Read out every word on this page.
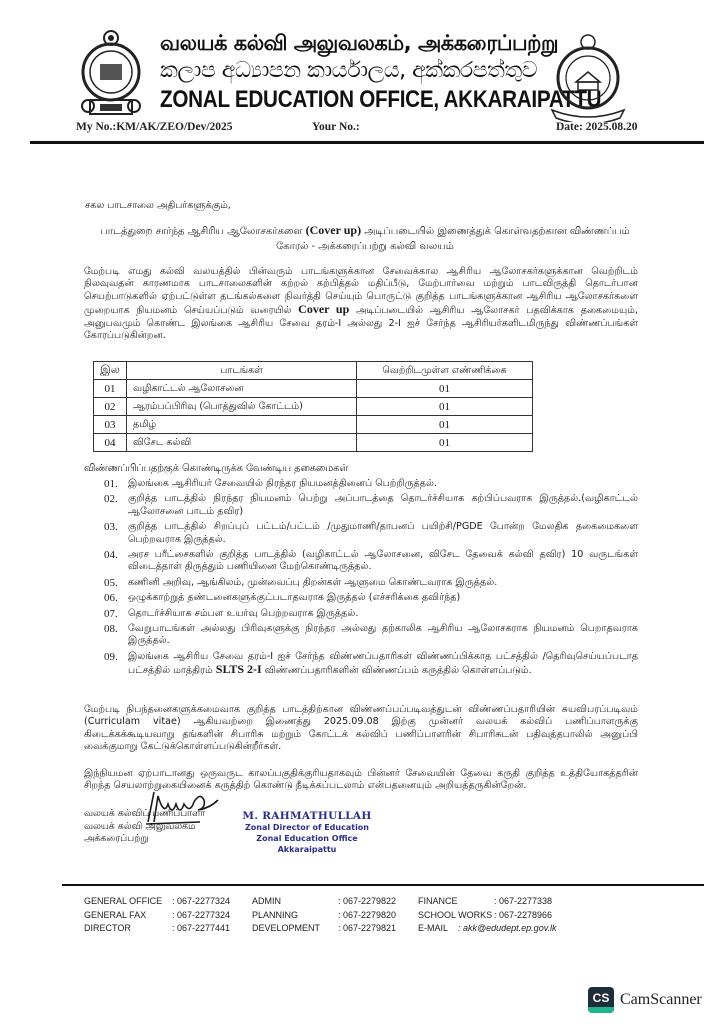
வலயக் கல்வி அலுவலகம், அக்கரைப்பற்று
කලාප අධ්‍යාපන කාර්යාලය, අක්කරපත්තුව
ZONAL EDUCATION OFFICE, AKKARAIPATTU
My No.:KM/AK/ZEO/Dev/2025	Your No.:	Date: 2025.08.20
சகல பாடசாலை அதிபர்களுக்கும்,
பாடத்துறை சார்ந்த ஆசிரிய ஆலோசகர்களை (Cover up) அடிப்படையில் இணைத்துக் கொள்வதற்கான விண்ணப்பம் கோரல் - அக்கரைப்பற்று கல்வி வலயம்
மேற்படி எமது கல்வி வலயத்தில் பின்வரும் பாடங்களுக்கான சேவைக்கால ஆசிரிய ஆலோசகர்களுக்கான வெற்றிடம் நிலவுவதன் காரணமாக பாடசாலைகளின் கற்றல் கற்பித்தல் மதிப்பீடு, மேற்பார்வை மற்றும் பாடவிருத்தி தொடர்பான செயற்பாடுகளில் ஏற்பட்டுள்ள தடங்கல்களை நிவர்த்தி செய்யும் பொருட்டு குறித்த பாடங்களுக்கான ஆசிரிய ஆலோசகர்களை முறையாக நியமனம் செய்யப்படும் வரையில் Cover up அடிப்படையில் ஆசிரிய ஆலோசகர் பதவிக்காக தகைமையும், அனுபவமும் கொண்ட இலங்கை ஆசிரிய சேவை தரம்-I அல்லது 2-I ஐச் சேர்ந்த ஆசிரியர்களிடமிருந்து விண்ணப்பங்கள் கோரப்படுகின்றன.
இல	பாடங்கள்	வெற்றிடமுள்ள எண்ணிக்கை
01	வழிகாட்டல் ஆலோசனை	01
02	ஆரம்பப்பிரிவு (பொத்துவில் கோட்டம்)	01
03	தமிழ்	01
04	விசேட கல்வி	01
விண்ணப்பிப்பதற்குக் கொண்டிருக்க வேண்டிய தகைமைகள்
01. இலங்கை ஆசிரியர் சேவையில் நிரந்தர நியமனத்தினைப் பெற்றிருத்தல்.
02. குறித்த பாடத்தில் நிரந்தர நியமனம் பெற்று அப்பாடத்தை தொடர்ச்சியாக கற்பிப்பவராக இருத்தல்.(வழிகாட்டல் ஆலோசனை பாடம் தவிர)
03. குறித்த பாடத்தில் சிறப்புப் பட்டம்/பட்டம் /முதுமாணி/தாபனப் பயிற்சி/PGDE போன்ற மேலதிக தகைமைகளை பெற்றவராக இருத்தல்.
04. அரச பரீட்சைகளில் குறித்த பாடத்தில் (வழிகாட்டல் ஆலோசனை, விசேட தேவைக் கல்வி தவிர) 10 வருடங்கள் விடைத்தாள் திருத்தும் பணியினை மேற்கொண்டிருத்தல்.
05. கணினி அறிவு, ஆங்கிலம், முன்வைப்பு திறன்கள் ஆளுமை கொண்டவராக இருத்தல்.
06. ஒழுக்காற்றுத் தண்டனைகளுக்குட்படாதவராக இருத்தல் (எச்சரிக்கை தவிர்ந்த)
07. தொடர்ச்சியாக சம்பள உயர்வு பெற்றவராக இருத்தல்.
08. வேறுபாடங்கள் அல்லது பிரிவுகளுக்கு நிரந்தர அல்லது தற்காலிக ஆசிரிய ஆலோசகராக நியமனம் பெறாதவராக இருத்தல்.
09. இலங்கை ஆசிரிய சேவை தரம்-I ஐச் சேர்ந்த விண்ணப்பதாரிகள் விண்ணப்பிக்காத பட்சத்தில் /தெரிவுசெய்யப்படாத பட்சத்தில் மாத்திரம் SLTS 2-I விண்ணப்பதாரிகளின் விண்ணப்பம் கருத்தில் கொள்ளப்படும்.
மேற்படி நிபந்தனைகளுக்கமைவாக குறித்த பாடத்திற்கான விண்ணப்பப்படிவத்துடன் விண்ணப்பதாரியின் சுயவிபரப்படிவம் (Curriculam vitae) ஆகியவற்றை இணைத்து 2025.09.08 இற்கு முன்னர் வலயக் கல்விப் பணிப்பாளருக்கு கிடைக்கக்கூடியவாறு தங்களின் சிபாரிசு மற்றும் கோட்டக் கல்விப் பணிப்பாளரின் சிபாரிசுடன் பதிவுத்தபாலில் அனுப்பி வைக்குமாறு கேட்டுக்கொள்ளப்படுகின்றீர்கள்.
இந்நியமன ஏற்பாடானது ஒருவருட காலப்பகுதிக்குரியதாகவும் பின்னர் சேவையின் தேவை கருதி குறித்த உத்தியோகத்தரின் சிறந்த செயலாற்றுகையினைக் கருத்திற் கொண்டு நீடிக்கப்படலாம் என்பதனையும் அறியத்தருகின்றேன்.
வலயக் கல்விப் பணிப்பாளர்
வலயக் கல்வி அலுவலகம்
அக்கரைப்பற்று
M. RAHMATHULLAH
Zonal Director of Education
Zonal Education Office
Akkaraipattu
GENERAL OFFICE : 067-2277324 ADMIN	: 067-2279822 FINANCE	: 067-2277338
GENERAL FAX	: 067-2277324 PLANNING	: 067-2279820 SCHOOL WORKS : 067-2278966
DIRECTOR	: 067-2277441 DEVELOPMENT : 067-2279821 E-MAIL : akk@edudept.ep.gov.lk
CS CamScanner
